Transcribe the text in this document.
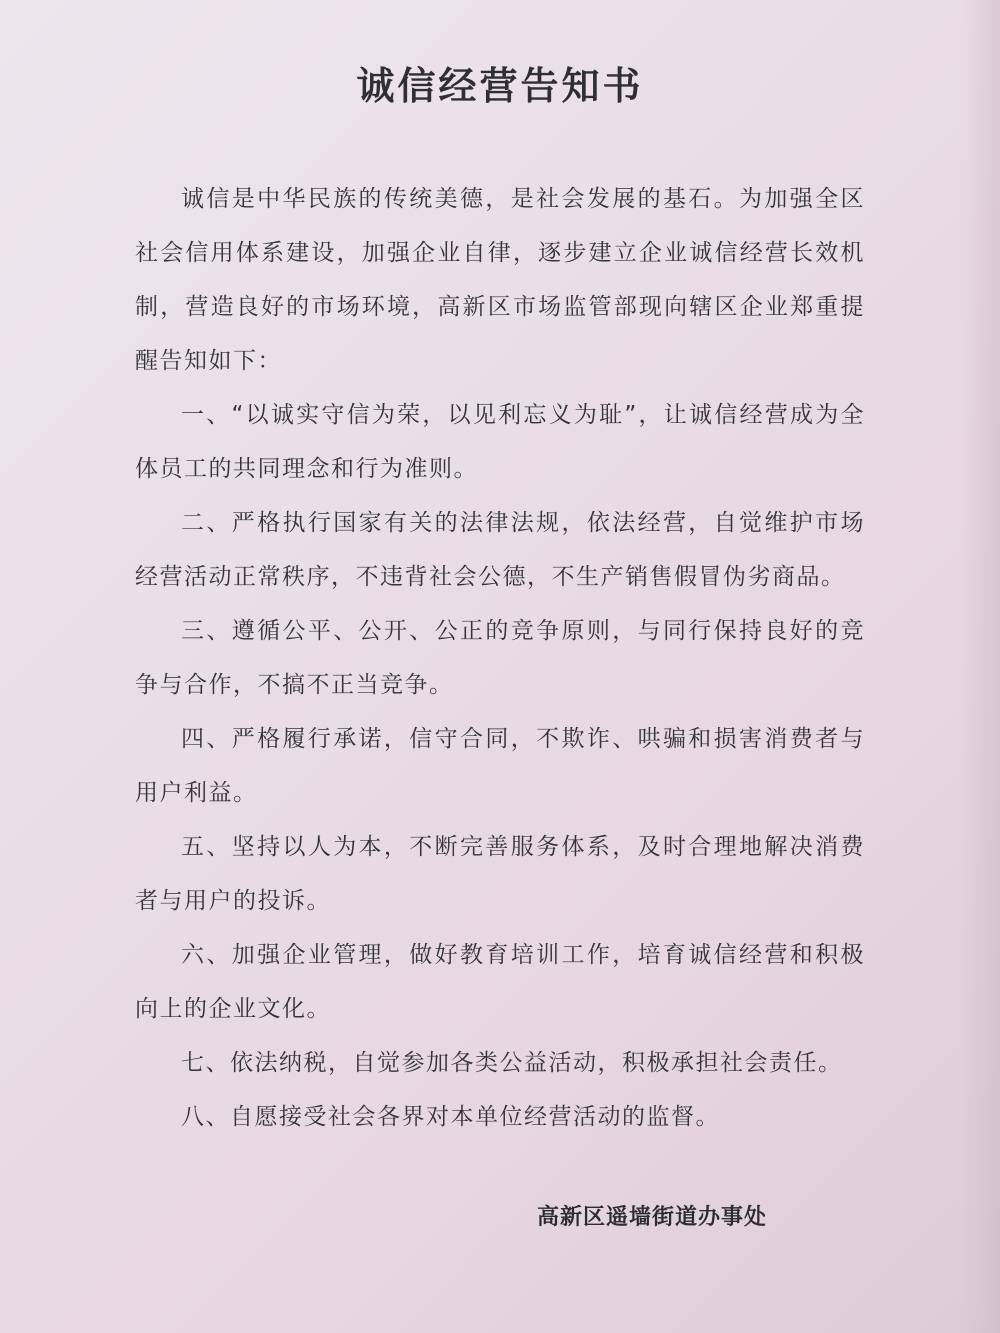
诚信经营告知书

诚信是中华民族的传统美德，是社会发展的基石。为加强全区社会信用体系建设，加强企业自律，逐步建立企业诚信经营长效机制，营造良好的市场环境，高新区市场监管部现向辖区企业郑重提醒告知如下：

一、“以诚实守信为荣，以见利忘义为耻”，让诚信经营成为全体员工的共同理念和行为准则。

二、严格执行国家有关的法律法规，依法经营，自觉维护市场经营活动正常秩序，不违背社会公德，不生产销售假冒伪劣商品。

三、遵循公平、公开、公正的竞争原则，与同行保持良好的竞争与合作，不搞不正当竞争。

四、严格履行承诺，信守合同，不欺诈、哄骗和损害消费者与用户利益。

五、坚持以人为本，不断完善服务体系，及时合理地解决消费者与用户的投诉。

六、加强企业管理，做好教育培训工作，培育诚信经营和积极向上的企业文化。

七、依法纳税，自觉参加各类公益活动，积极承担社会责任。

八、自愿接受社会各界对本单位经营活动的监督。

高新区遥墙街道办事处
